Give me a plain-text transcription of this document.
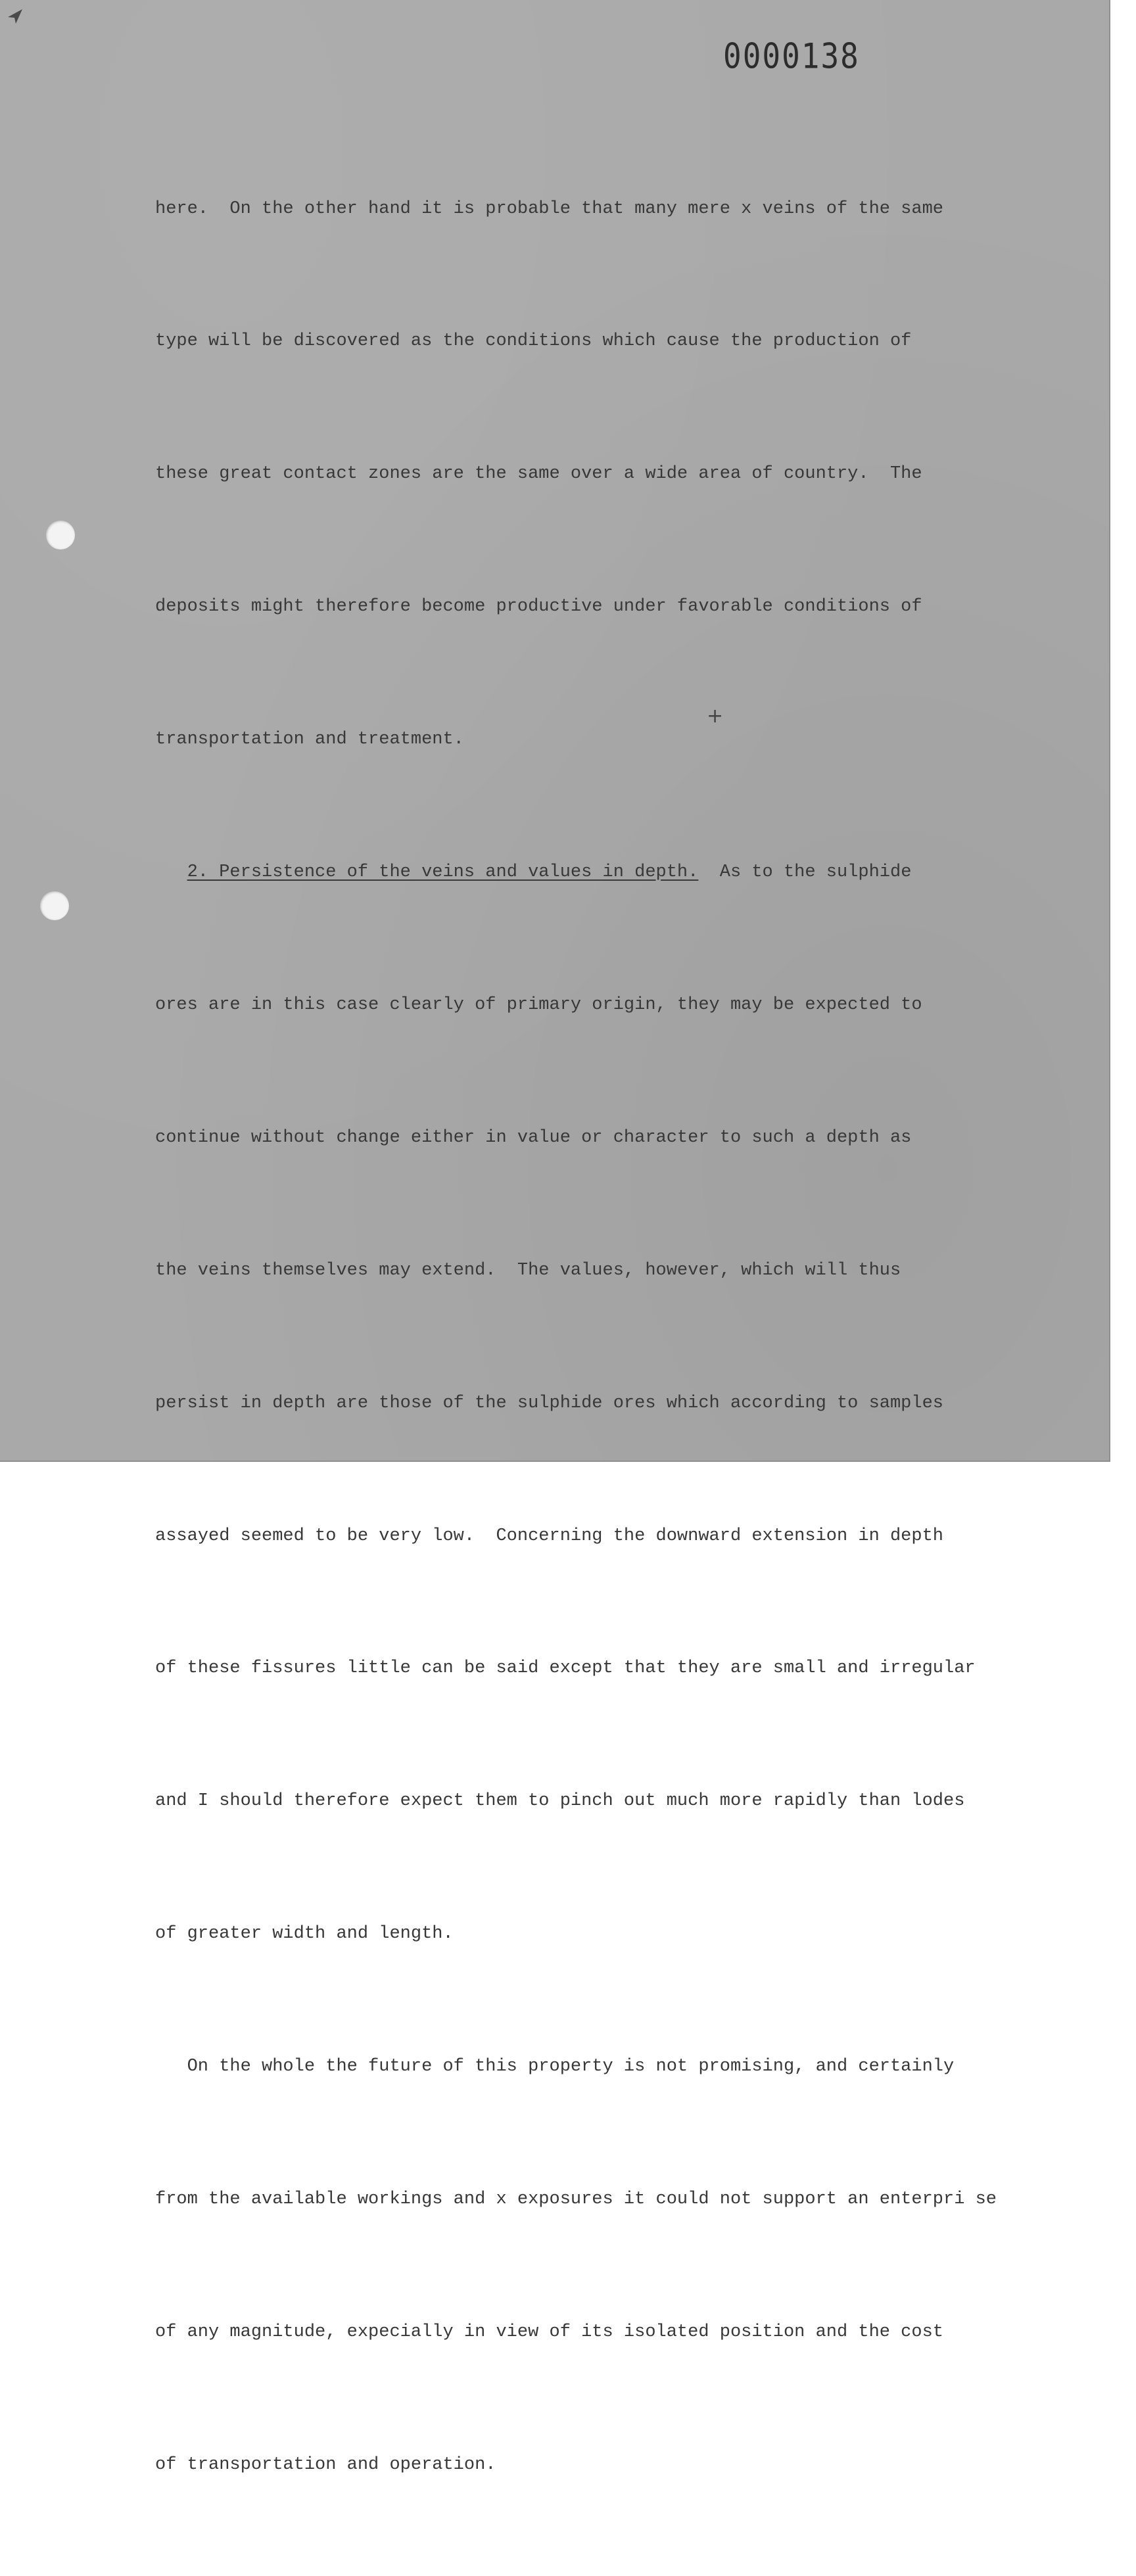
0000138
+

here.  On the other hand it is probable that many mere x veins of the same

type will be discovered as the conditions which cause the production of

these great contact zones are the same over a wide area of country.  The

deposits might therefore become productive under favorable conditions of

transportation and treatment.

2. Persistence of the veins and values in depth.  As to the sulphide

ores are in this case clearly of primary origin, they may be expected to

continue without change either in value or character to such a depth as

the veins themselves may extend.  The values, however, which will thus

persist in depth are those of the sulphide ores which according to samples

assayed seemed to be very low.  Concerning the downward extension in depth

of these fissures little can be said except that they are small and irregular

and I should therefore expect them to pinch out much more rapidly than lodes

of greater width and length.

On the whole the future of this property is not promising, and certainly

from the available workings and x exposures it could not support an enterpri se

of any magnitude, expecially in view of its isolated position and the cost

of transportation and operation.
